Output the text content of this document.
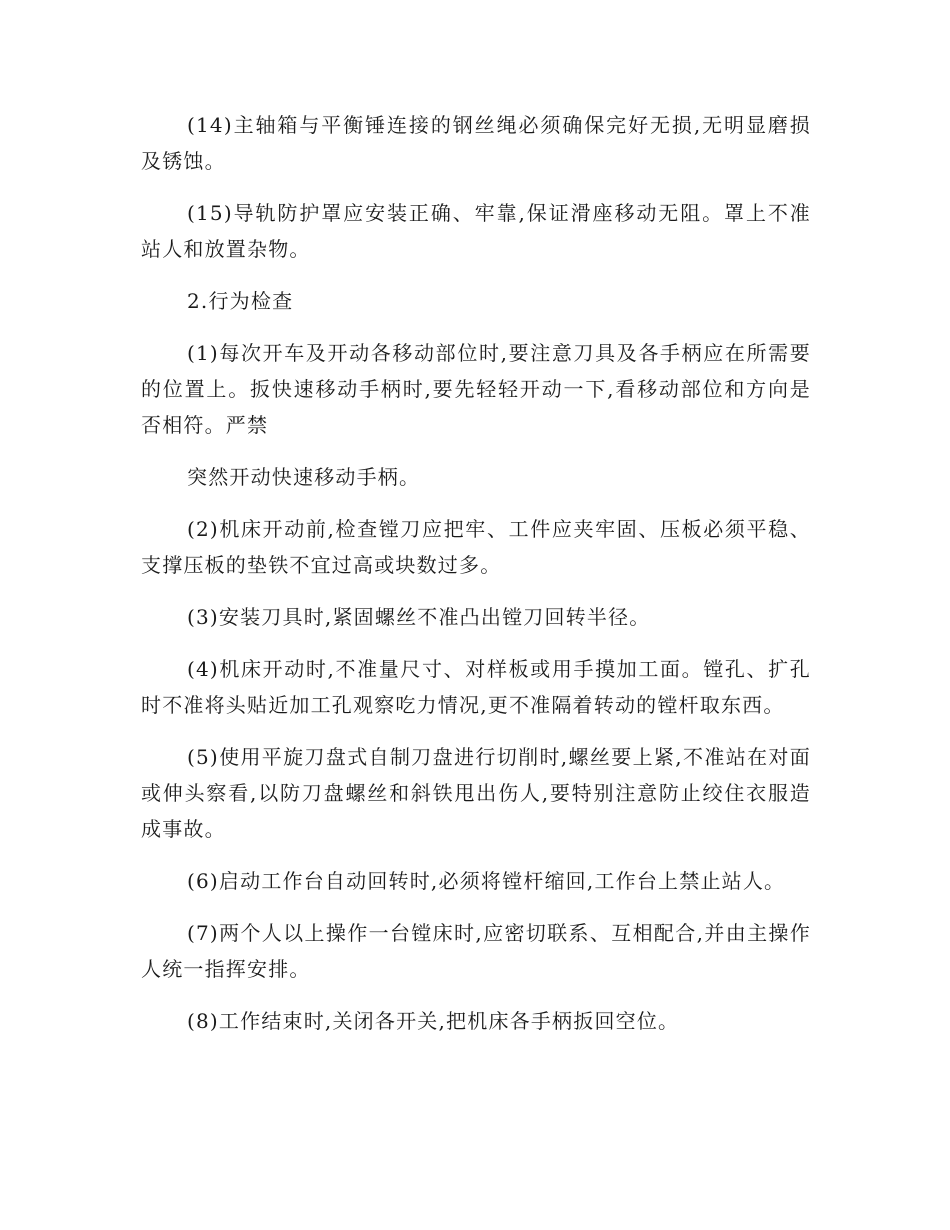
(14)主轴箱与平衡锤连接的钢丝绳必须确保完好无损,无明显磨损及锈蚀。

(15)导轨防护罩应安装正确、牢靠,保证滑座移动无阻。罩上不准站人和放置杂物。

2.行为检查

(1)每次开车及开动各移动部位时,要注意刀具及各手柄应在所需要的位置上。扳快速移动手柄时,要先轻轻开动一下,看移动部位和方向是否相符。严禁

突然开动快速移动手柄。

(2)机床开动前,检查镗刀应把牢、工件应夹牢固、压板必须平稳、支撑压板的垫铁不宜过高或块数过多。

(3)安装刀具时,紧固螺丝不准凸出镗刀回转半径。

(4)机床开动时,不准量尺寸、对样板或用手摸加工面。镗孔、扩孔时不准将头贴近加工孔观察吃力情况,更不准隔着转动的镗杆取东西。

(5)使用平旋刀盘式自制刀盘进行切削时,螺丝要上紧,不准站在对面或伸头察看,以防刀盘螺丝和斜铁甩出伤人,要特别注意防止绞住衣服造成事故。

(6)启动工作台自动回转时,必须将镗杆缩回,工作台上禁止站人。

(7)两个人以上操作一台镗床时,应密切联系、互相配合,并由主操作人统一指挥安排。

(8)工作结束时,关闭各开关,把机床各手柄扳回空位。
